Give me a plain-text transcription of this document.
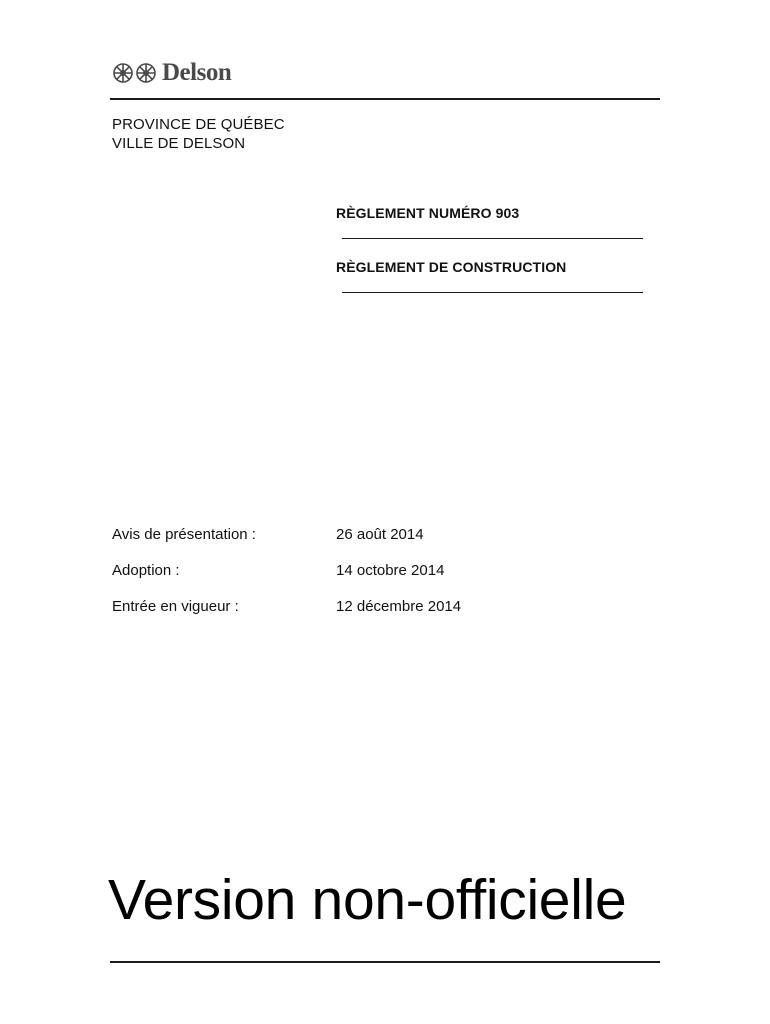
Delson
PROVINCE DE QUÉBEC
VILLE DE DELSON
RÈGLEMENT NUMÉRO 903
RÈGLEMENT DE CONSTRUCTION
Avis de présentation :	26 août 2014
Adoption :	14 octobre 2014
Entrée en vigueur :	12 décembre 2014
Version non-officielle
